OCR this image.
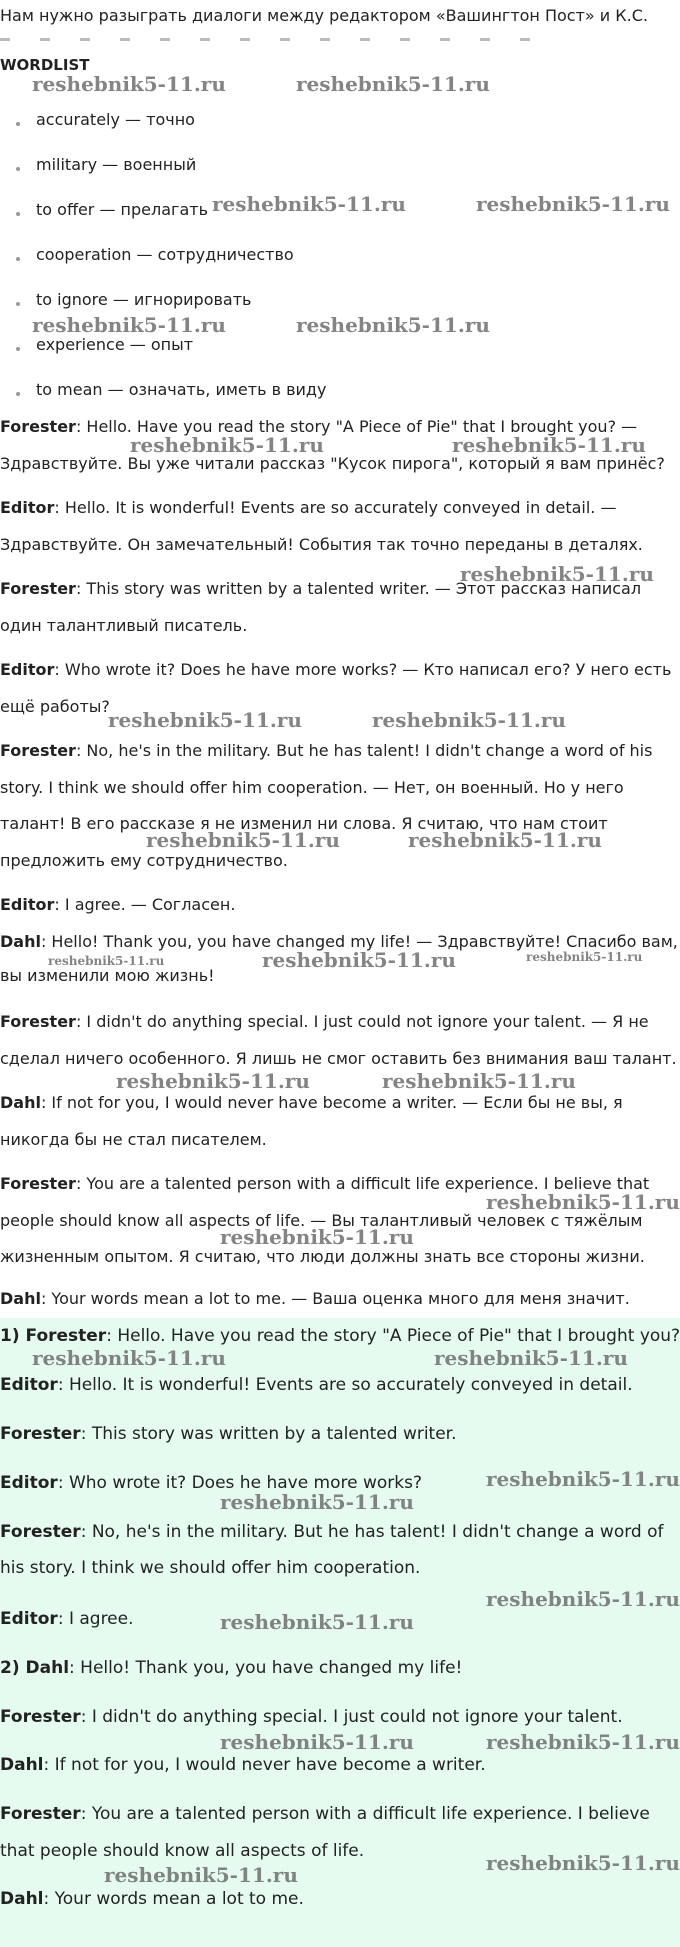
Нам нужно разыграть диалоги между редактором «Вашингтон Пост» и К.С.
WORDLIST
accurately — точно
military — военный
to offer — прелагать
cooperation — сотрудничество
to ignore — игнорировать
experience — опыт
to mean — означать, иметь в виду
Forester: Hello. Have you read the story "A Piece of Pie" that I brought you? —
Здравствуйте. Вы уже читали рассказ "Кусок пирога", который я вам принёс?
Editor: Hello. It is wonderful! Events are so accurately conveyed in detail. —
Здравствуйте. Он замечательный! События так точно переданы в деталях.
Forester: This story was written by a talented writer. — Этот рассказ написал
один талантливый писатель.
Editor: Who wrote it? Does he have more works? — Кто написал его? У него есть
ещё работы?
Forester: No, he's in the military. But he has talent! I didn't change a word of his
story. I think we should offer him cooperation. — Нет, он военный. Но у него
талант! В его рассказе я не изменил ни слова. Я считаю, что нам стоит
предложить ему сотрудничество.
Editor: I agree. — Согласен.
Dahl: Hello! Thank you, you have changed my life! — Здравствуйте! Спасибо вам,
вы изменили мою жизнь!
Forester: I didn't do anything special. I just could not ignore your talent. — Я не
сделал ничего особенного. Я лишь не смог оставить без внимания ваш талант.
Dahl: If not for you, I would never have become a writer. — Если бы не вы, я
никогда бы не стал писателем.
Forester: You are a talented person with a difficult life experience. I believe that
people should know all aspects of life. — Вы талантливый человек с тяжёлым
жизненным опытом. Я считаю, что люди должны знать все стороны жизни.
Dahl: Your words mean a lot to me. — Ваша оценка много для меня значит.
1) Forester: Hello. Have you read the story "A Piece of Pie" that I brought you?
Editor: Hello. It is wonderful! Events are so accurately conveyed in detail.
Forester: This story was written by a talented writer.
Editor: Who wrote it? Does he have more works?
Forester: No, he's in the military. But he has talent! I didn't change a word of
his story. I think we should offer him cooperation.
Editor: I agree.
2) Dahl: Hello! Thank you, you have changed my life!
Forester: I didn't do anything special. I just could not ignore your talent.
Dahl: If not for you, I would never have become a writer.
Forester: You are a talented person with a difficult life experience. I believe
that people should know all aspects of life.
Dahl: Your words mean a lot to me.
reshebnik5-11.ru	reshebnik5-11.ru
reshebnik5-11.ru	reshebnik5-11.ru
reshebnik5-11.ru	reshebnik5-11.ru
reshebnik5-11.ru	reshebnik5-11.ru
reshebnik5-11.ru
reshebnik5-11.ru	reshebnik5-11.ru
reshebnik5-11.ru	reshebnik5-11.ru
reshebnik5-11.ru	reshebnik5-11.ru	reshebnik5-11.ru
reshebnik5-11.ru	reshebnik5-11.ru
reshebnik5-11.ru
reshebnik5-11.ru
reshebnik5-11.ru	reshebnik5-11.ru
reshebnik5-11.ru
reshebnik5-11.ru
reshebnik5-11.ru
reshebnik5-11.ru
reshebnik5-11.ru	reshebnik5-11.ru
reshebnik5-11.ru
reshebnik5-11.ru
